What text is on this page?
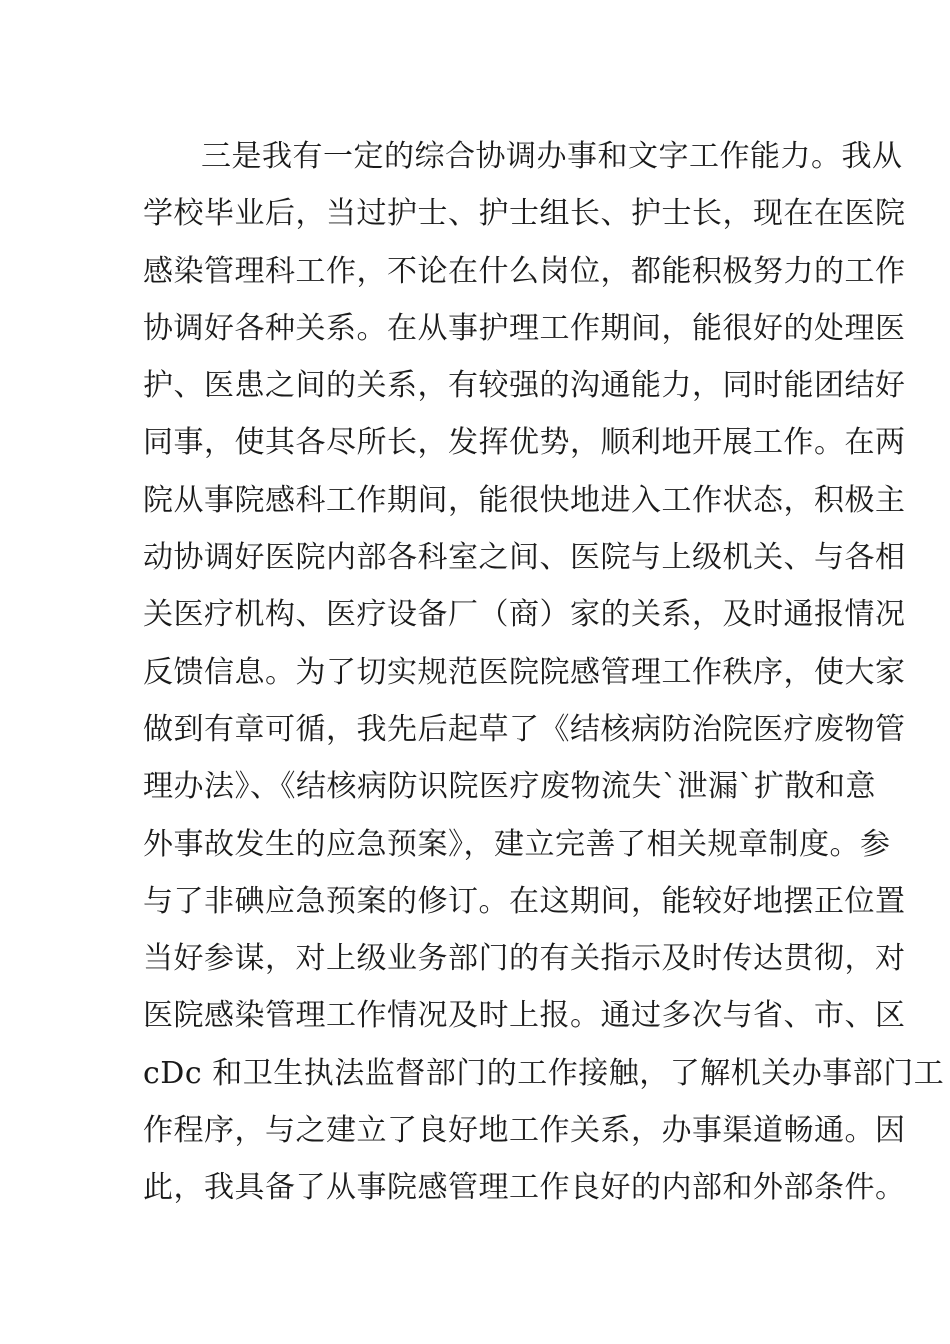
三是我有一定的综合协调办事和文字工作能力。我从
学校毕业后，当过护士、护士组长、护士长，现在在医院
感染管理科工作，不论在什么岗位，都能积极努力的工作
协调好各种关系。在从事护理工作期间，能很好的处理医
护、医患之间的关系，有较强的沟通能力，同时能团结好
同事，使其各尽所长，发挥优势，顺利地开展工作。在两
院从事院感科工作期间，能很快地进入工作状态，积极主
动协调好医院内部各科室之间、医院与上级机关、与各相
关医疗机构、医疗设备厂（商）家的关系，及时通报情况
反馈信息。为了切实规范医院院感管理工作秩序，使大家
做到有章可循，我先后起草了《结核病防治院医疗废物管
理办法》、《结核病防识院医疗废物流失`泄漏`扩散和意
外事故发生的应急预案》，建立完善了相关规章制度。参
与了非碘应急预案的修订。在这期间，能较好地摆正位置
当好参谋，对上级业务部门的有关指示及时传达贯彻，对
医院感染管理工作情况及时上报。通过多次与省、市、区
cDc 和卫生执法监督部门的工作接触，了解机关办事部门工
作程序，与之建立了良好地工作关系，办事渠道畅通。因
此，我具备了从事院感管理工作良好的内部和外部条件。
